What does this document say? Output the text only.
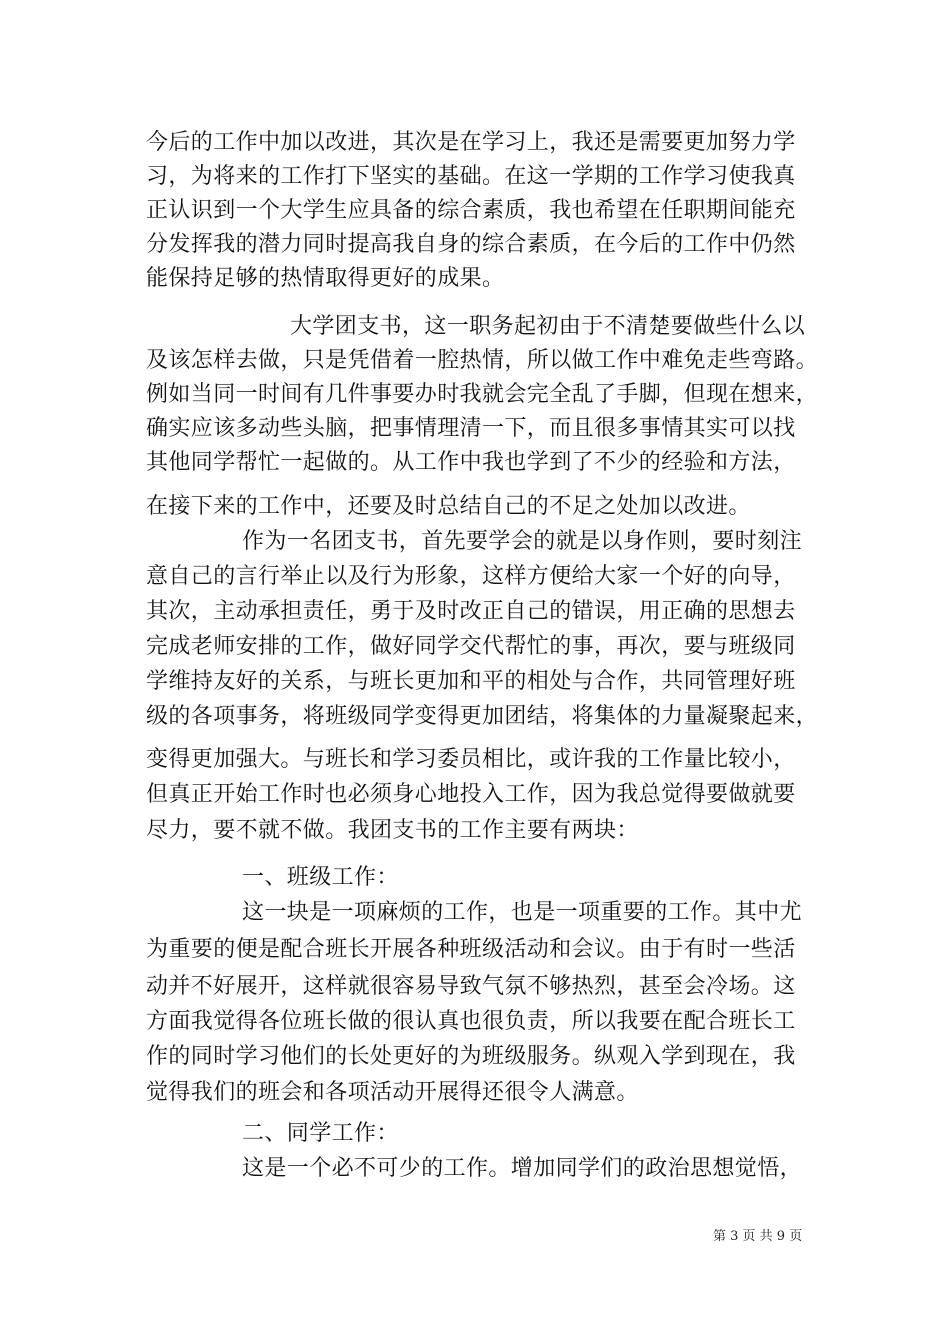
今后的工作中加以改进，其次是在学习上，我还是需要更加努力学
习，为将来的工作打下坚实的基础。在这一学期的工作学习使我真
正认识到一个大学生应具备的综合素质，我也希望在任职期间能充
分发挥我的潜力同时提高我自身的综合素质，在今后的工作中仍然
能保持足够的热情取得更好的成果。
大学团支书，这一职务起初由于不清楚要做些什么以
及该怎样去做，只是凭借着一腔热情，所以做工作中难免走些弯路。
例如当同一时间有几件事要办时我就会完全乱了手脚，但现在想来，
确实应该多动些头脑，把事情理清一下，而且很多事情其实可以找
其他同学帮忙一起做的。从工作中我也学到了不少的经验和方法，
在接下来的工作中，还要及时总结自己的不足之处加以改进。
作为一名团支书，首先要学会的就是以身作则，要时刻注
意自己的言行举止以及行为形象，这样方便给大家一个好的向导，
其次，主动承担责任，勇于及时改正自己的错误，用正确的思想去
完成老师安排的工作，做好同学交代帮忙的事，再次，要与班级同
学维持友好的关系，与班长更加和平的相处与合作，共同管理好班
级的各项事务，将班级同学变得更加团结，将集体的力量凝聚起来，
变得更加强大。与班长和学习委员相比，或许我的工作量比较小，
但真正开始工作时也必须身心地投入工作，因为我总觉得要做就要
尽力，要不就不做。我团支书的工作主要有两块：
一、班级工作：
这一块是一项麻烦的工作，也是一项重要的工作。其中尤
为重要的便是配合班长开展各种班级活动和会议。由于有时一些活
动并不好展开，这样就很容易导致气氛不够热烈，甚至会冷场。这
方面我觉得各位班长做的很认真也很负责，所以我要在配合班长工
作的同时学习他们的长处更好的为班级服务。纵观入学到现在，我
觉得我们的班会和各项活动开展得还很令人满意。
二、同学工作：
这是一个必不可少的工作。增加同学们的政治思想觉悟，
第 3 页 共 9 页
